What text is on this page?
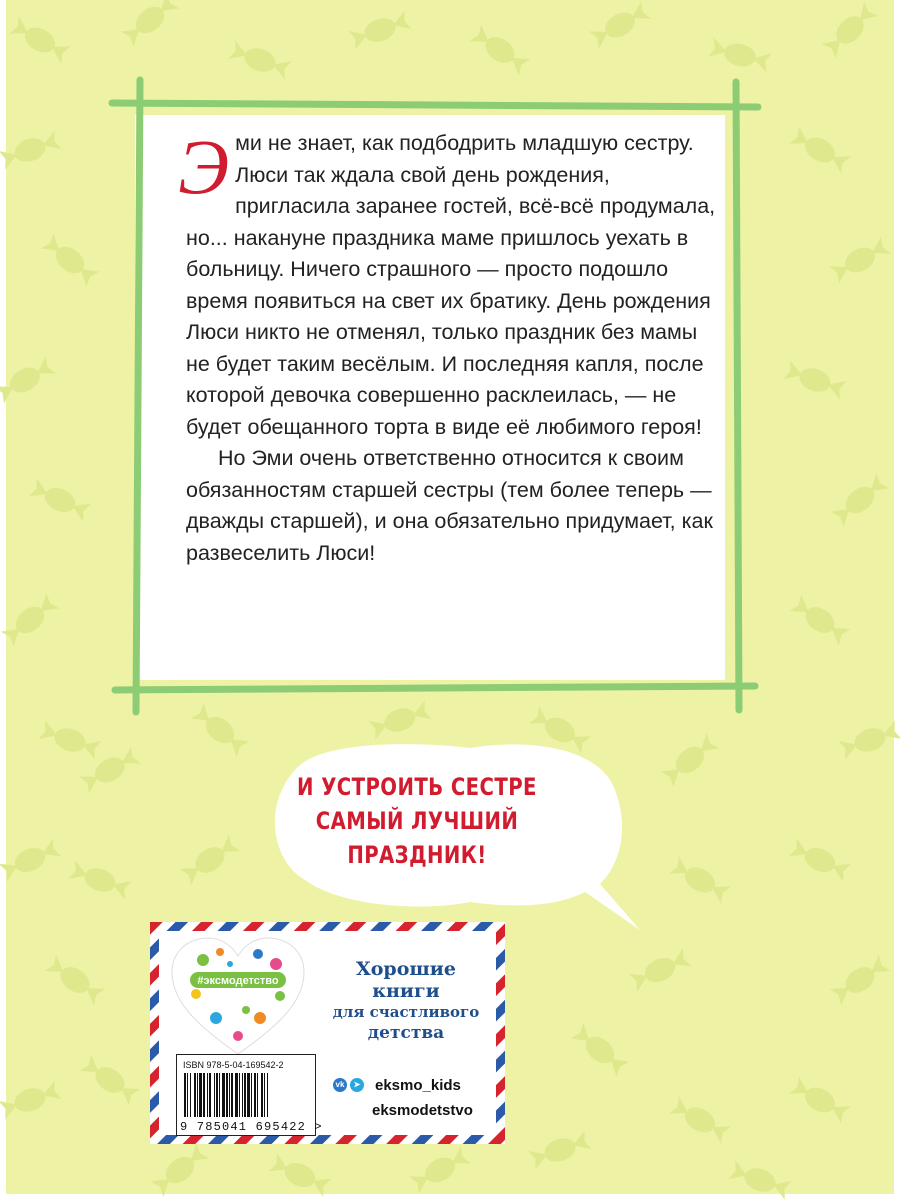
Эми не знает, как подбодрить младшую сестру. Люси так ждала свой день рождения, пригласила заранее гостей, всё-всё продумала, но... накануне праздника маме пришлось уехать в больницу. Ничего страшного — просто подошло время появиться на свет их братику. День рождения Люси никто не отменял, только праздник без мамы не будет таким весёлым. И последняя капля, после которой девочка совершенно расклеилась, — не будет обещанного торта в виде её любимого героя!

Но Эми очень ответственно относится к своим обязанностям старшей сестры (тем более теперь — дважды старшей), и она обязательно придумает, как развеселить Люси!

И УСТРОИТЬ СЕСТРЕ
САМЫЙ ЛУЧШИЙ
ПРАЗДНИК!
#эксмодетство
Хорошие
книги
для счастливого
детства
ISBN 978-5-04-169542-2
9 785041 695422 >
vk	➤ eksmo_kids
eksmodetstvo
